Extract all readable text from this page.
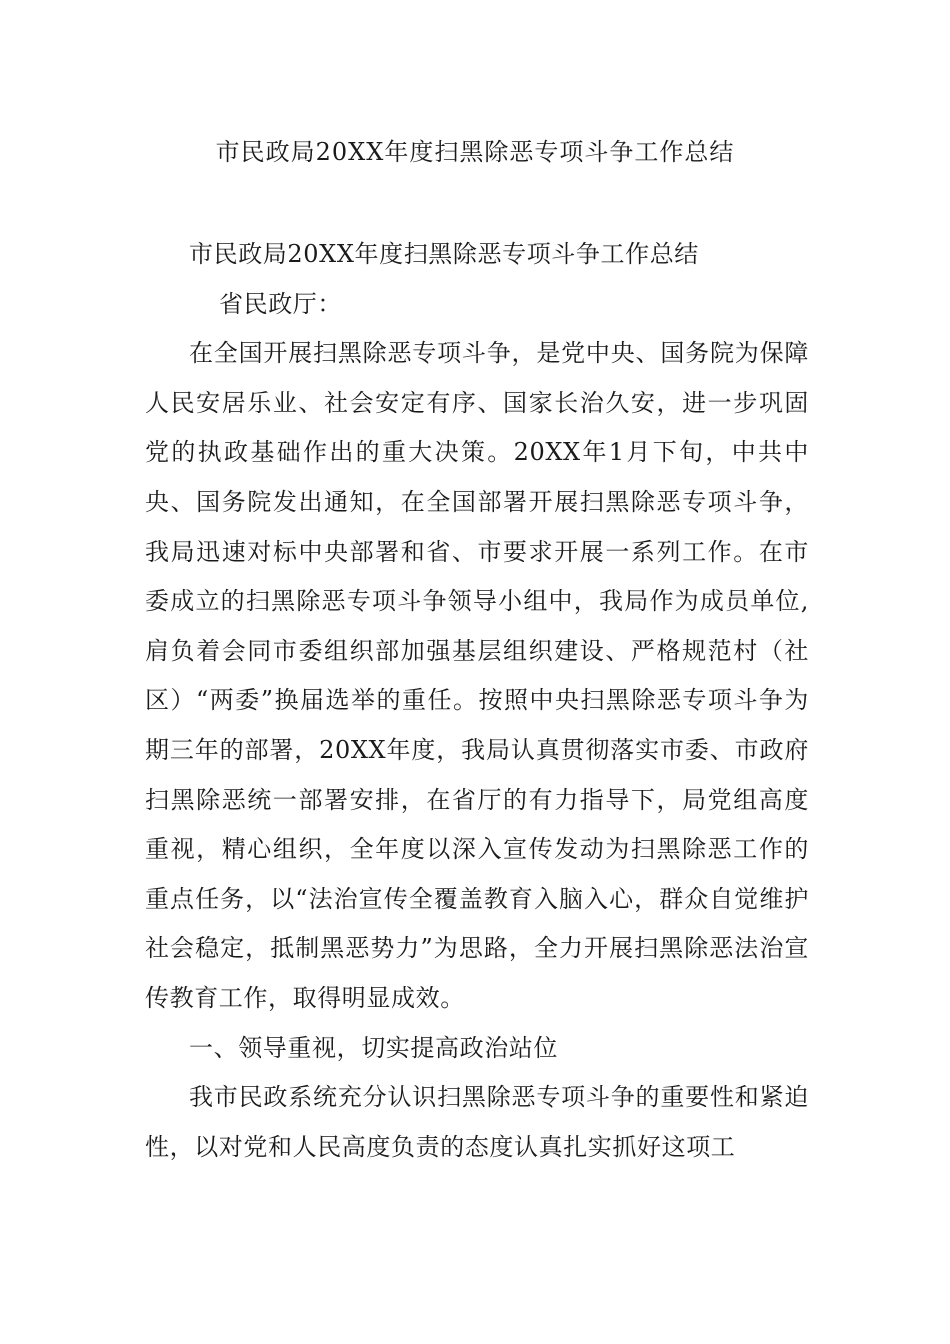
市民政局20XX年度扫黑除恶专项斗争工作总结

市民政局20XX年度扫黑除恶专项斗争工作总结

省民政厅：

在全国开展扫黑除恶专项斗争，是党中央、国务院为保障人民安居乐业、社会安定有序、国家长治久安，进一步巩固党的执政基础作出的重大决策。20XX年1月下旬，中共中央、国务院发出通知，在全国部署开展扫黑除恶专项斗争，我局迅速对标中央部署和省、市要求开展一系列工作。在市委成立的扫黑除恶专项斗争领导小组中，我局作为成员单位,肩负着会同市委组织部加强基层组织建设、严格规范村（社区）“两委”换届选举的重任。按照中央扫黑除恶专项斗争为期三年的部署，20XX年度，我局认真贯彻落实市委、市政府扫黑除恶统一部署安排，在省厅的有力指导下，局党组高度重视，精心组织，全年度以深入宣传发动为扫黑除恶工作的重点任务，以“法治宣传全覆盖教育入脑入心，群众自觉维护社会稳定，抵制黑恶势力”为思路，全力开展扫黑除恶法治宣传教育工作，取得明显成效。

一、领导重视，切实提高政治站位

我市民政系统充分认识扫黑除恶专项斗争的重要性和紧迫性，以对党和人民高度负责的态度认真扎实抓好这项工
